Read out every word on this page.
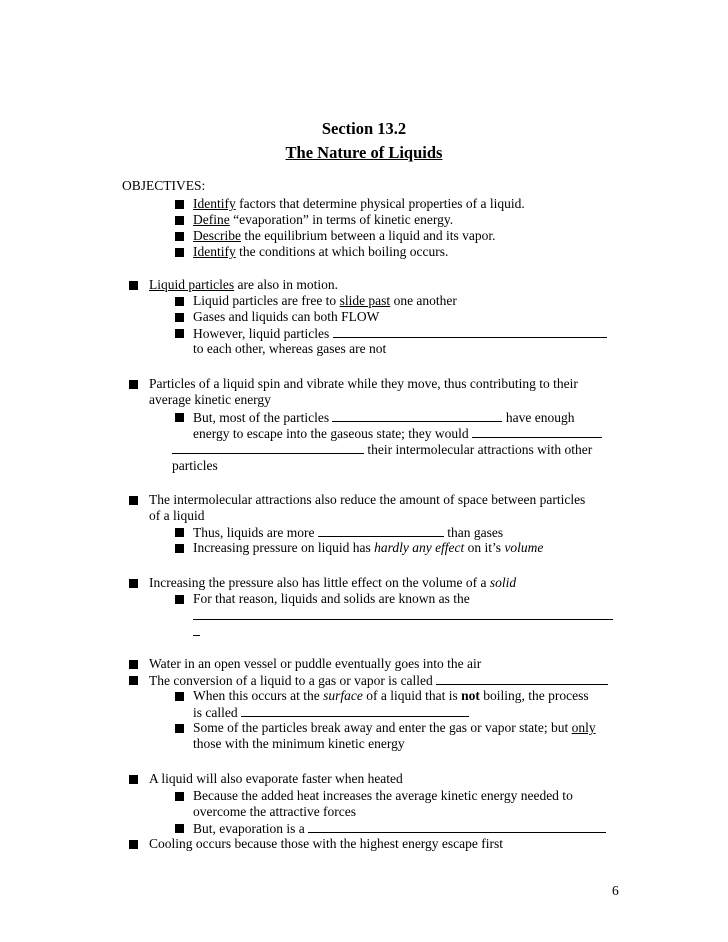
Section 13.2
The Nature of Liquids
OBJECTIVES:
Identify factors that determine physical properties of a liquid.
Define “evaporation” in terms of kinetic energy.
Describe the equilibrium between a liquid and its vapor.
Identify the conditions at which boiling occurs.
Liquid particles are also in motion.
Liquid particles are free to slide past one another
Gases and liquids can both FLOW
However, liquid particles
to each other, whereas gases are not
Particles of a liquid spin and vibrate while they move, thus contributing to their
average kinetic energy
But, most of the particles	have enough
energy to escape into the gaseous state; they would
their intermolecular attractions with other
particles
The intermolecular attractions also reduce the amount of space between particles
of a liquid
Thus, liquids are more	than gases
Increasing pressure on liquid has hardly any effect on it’s volume
Increasing the pressure also has little effect on the volume of a solid
For that reason, liquids and solids are known as the
Water in an open vessel or puddle eventually goes into the air
The conversion of a liquid to a gas or vapor is called
When this occurs at the surface of a liquid that is not boiling, the process
is called
Some of the particles break away and enter the gas or vapor state; but only
those with the minimum kinetic energy
A liquid will also evaporate faster when heated
Because the added heat increases the average kinetic energy needed to
overcome the attractive forces
But, evaporation is a
Cooling occurs because those with the highest energy escape first
6
